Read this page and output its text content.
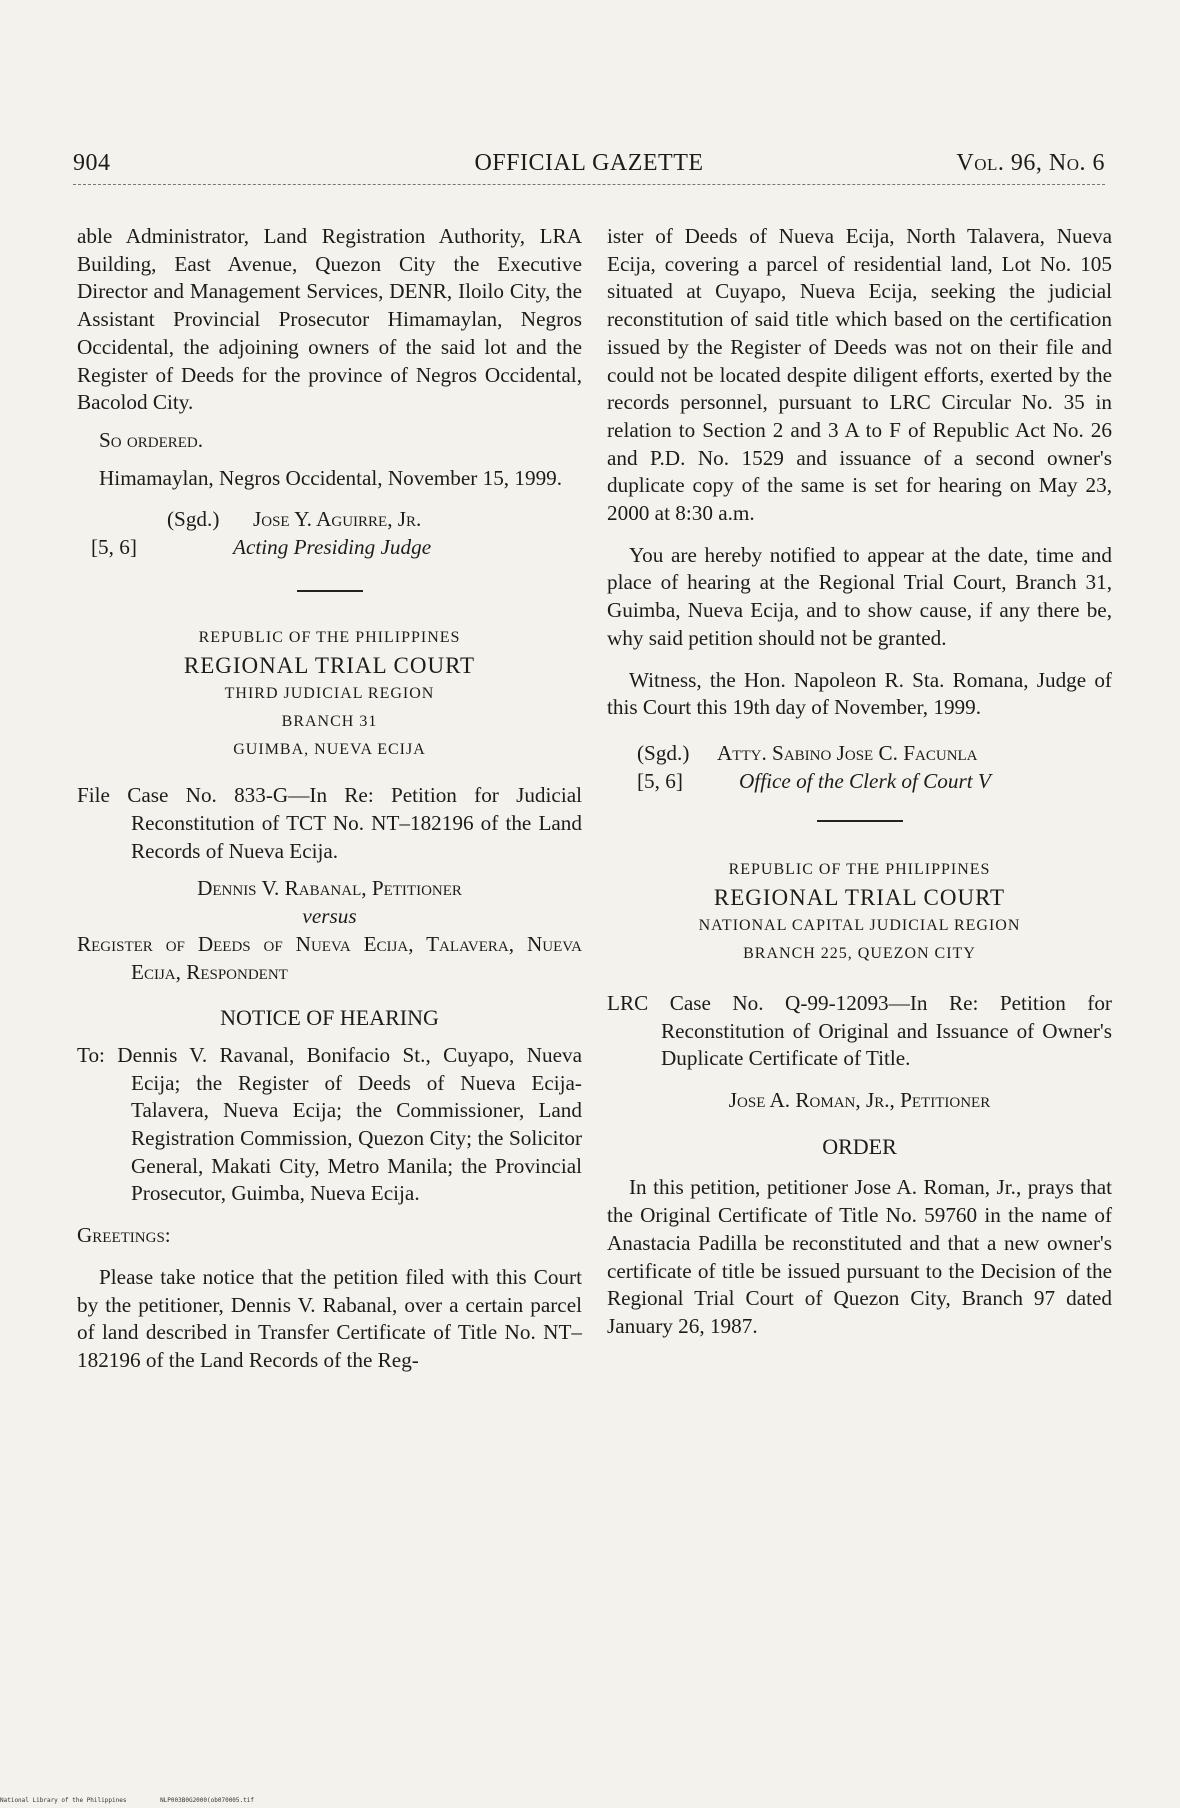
904	OFFICIAL GAZETTE	Vol. 96, No. 6

able Administrator, Land Registration Authority, LRA Building, East Avenue, Quezon City the Executive Director and Management Services, DENR, Iloilo City, the Assistant Provincial Prosecutor Himamaylan, Negros Occidental, the adjoining owners of the said lot and the Register of Deeds for the province of Negros Occidental, Bacolod City.

So ordered.

Himamaylan, Negros Occidental, November 15, 1999.

(Sgd.) Jose Y. Aguirre, Jr.
[5, 6]	Acting Presiding Judge
REPUBLIC OF THE PHILIPPINES
REGIONAL TRIAL COURT
THIRD JUDICIAL REGION
BRANCH 31
GUIMBA, NUEVA ECIJA

File Case No. 833-G—In Re: Petition for Judicial Reconstitution of TCT No. NT–182196 of the Land Records of Nueva Ecija.

Dennis V. Rabanal, Petitioner

versus

Register of Deeds of Nueva Ecija, Talavera, Nueva Ecija, Respondent

NOTICE OF HEARING

To: Dennis V. Ravanal, Bonifacio St., Cuyapo, Nueva Ecija; the Register of Deeds of Nueva Ecija-Talavera, Nueva Ecija; the Commissioner, Land Registration Commission, Quezon City; the Solicitor General, Makati City, Metro Manila; the Provincial Prosecutor, Guimba, Nueva Ecija.

Greetings:

Please take notice that the petition filed with this Court by the petitioner, Dennis V. Rabanal, over a certain parcel of land described in Transfer Certificate of Title No. NT–182196 of the Land Records of the Reg-

ister of Deeds of Nueva Ecija, North Talavera, Nueva Ecija, covering a parcel of residential land, Lot No. 105 situated at Cuyapo, Nueva Ecija, seeking the judicial reconstitution of said title which based on the certification issued by the Register of Deeds was not on their file and could not be located despite diligent efforts, exerted by the records personnel, pursuant to LRC Circular No. 35 in relation to Section 2 and 3 A to F of Republic Act No. 26 and P.D. No. 1529 and issuance of a second owner's duplicate copy of the same is set for hearing on May 23, 2000 at 8:30 a.m.

You are hereby notified to appear at the date, time and place of hearing at the Regional Trial Court, Branch 31, Guimba, Nueva Ecija, and to show cause, if any there be, why said petition should not be granted.

Witness, the Hon. Napoleon R. Sta. Romana, Judge of this Court this 19th day of November, 1999.

(Sgd.) Atty. Sabino Jose C. Facunla
[5, 6]	Office of the Clerk of Court V
REPUBLIC OF THE PHILIPPINES
REGIONAL TRIAL COURT
NATIONAL CAPITAL JUDICIAL REGION
BRANCH 225, QUEZON CITY

LRC Case No. Q-99-12093—In Re: Petition for Reconstitution of Original and Issuance of Owner's Duplicate Certificate of Title.

Jose A. Roman, Jr., Petitioner

ORDER

In this petition, petitioner Jose A. Roman, Jr., prays that the Original Certificate of Title No. 59760 in the name of Anastacia Padilla be reconstituted and that a new owner's certificate of title be issued pursuant to the Decision of the Regional Trial Court of Quezon City, Branch 97 dated January 26, 1987.

National Library of the Philippines	NLP003B0G2000(ob070005.tif
